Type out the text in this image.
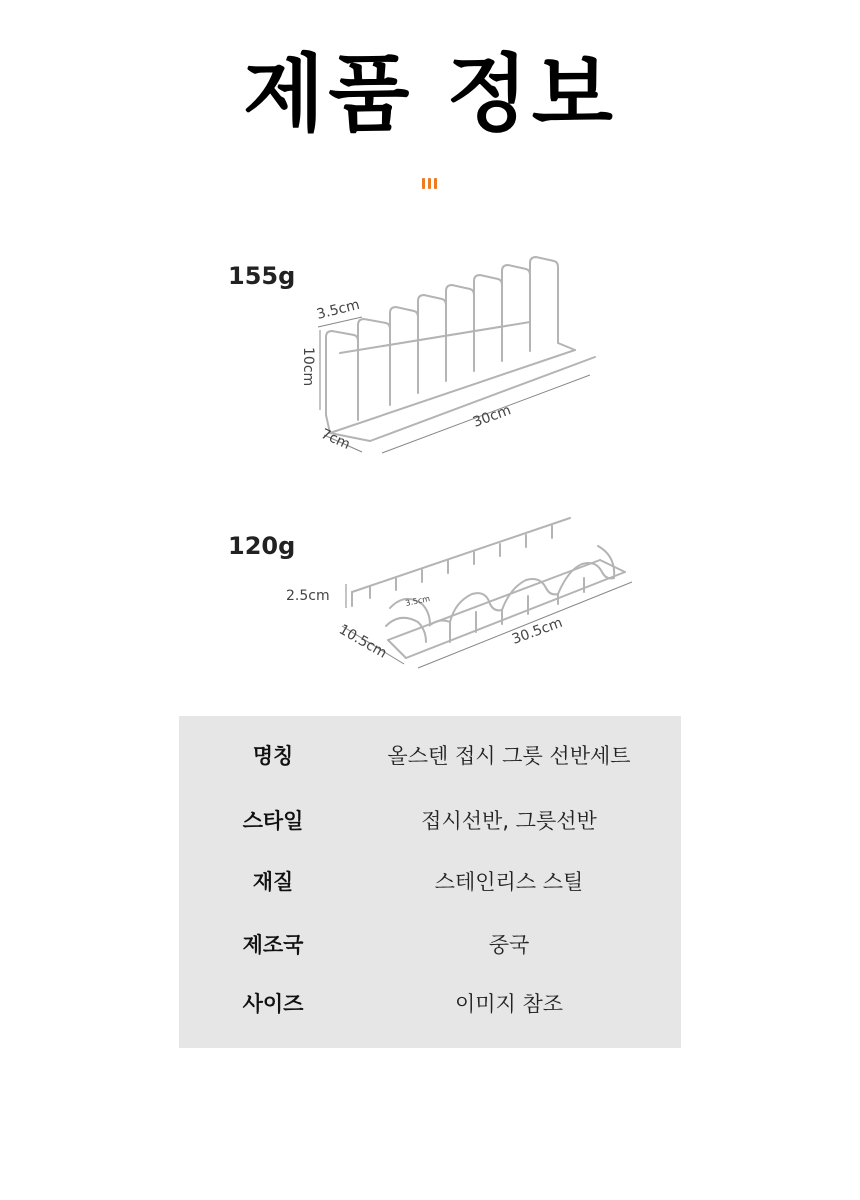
제품 정보
155g
3.5cm
10cm
7cm
30cm
120g
2.5cm	3.5cm
10.5cm	30.5cm
명칭	올스텐 접시 그릇 선반세트
스타일	접시선반, 그릇선반
재질	스테인리스 스틸
제조국	중국
사이즈	이미지 참조
